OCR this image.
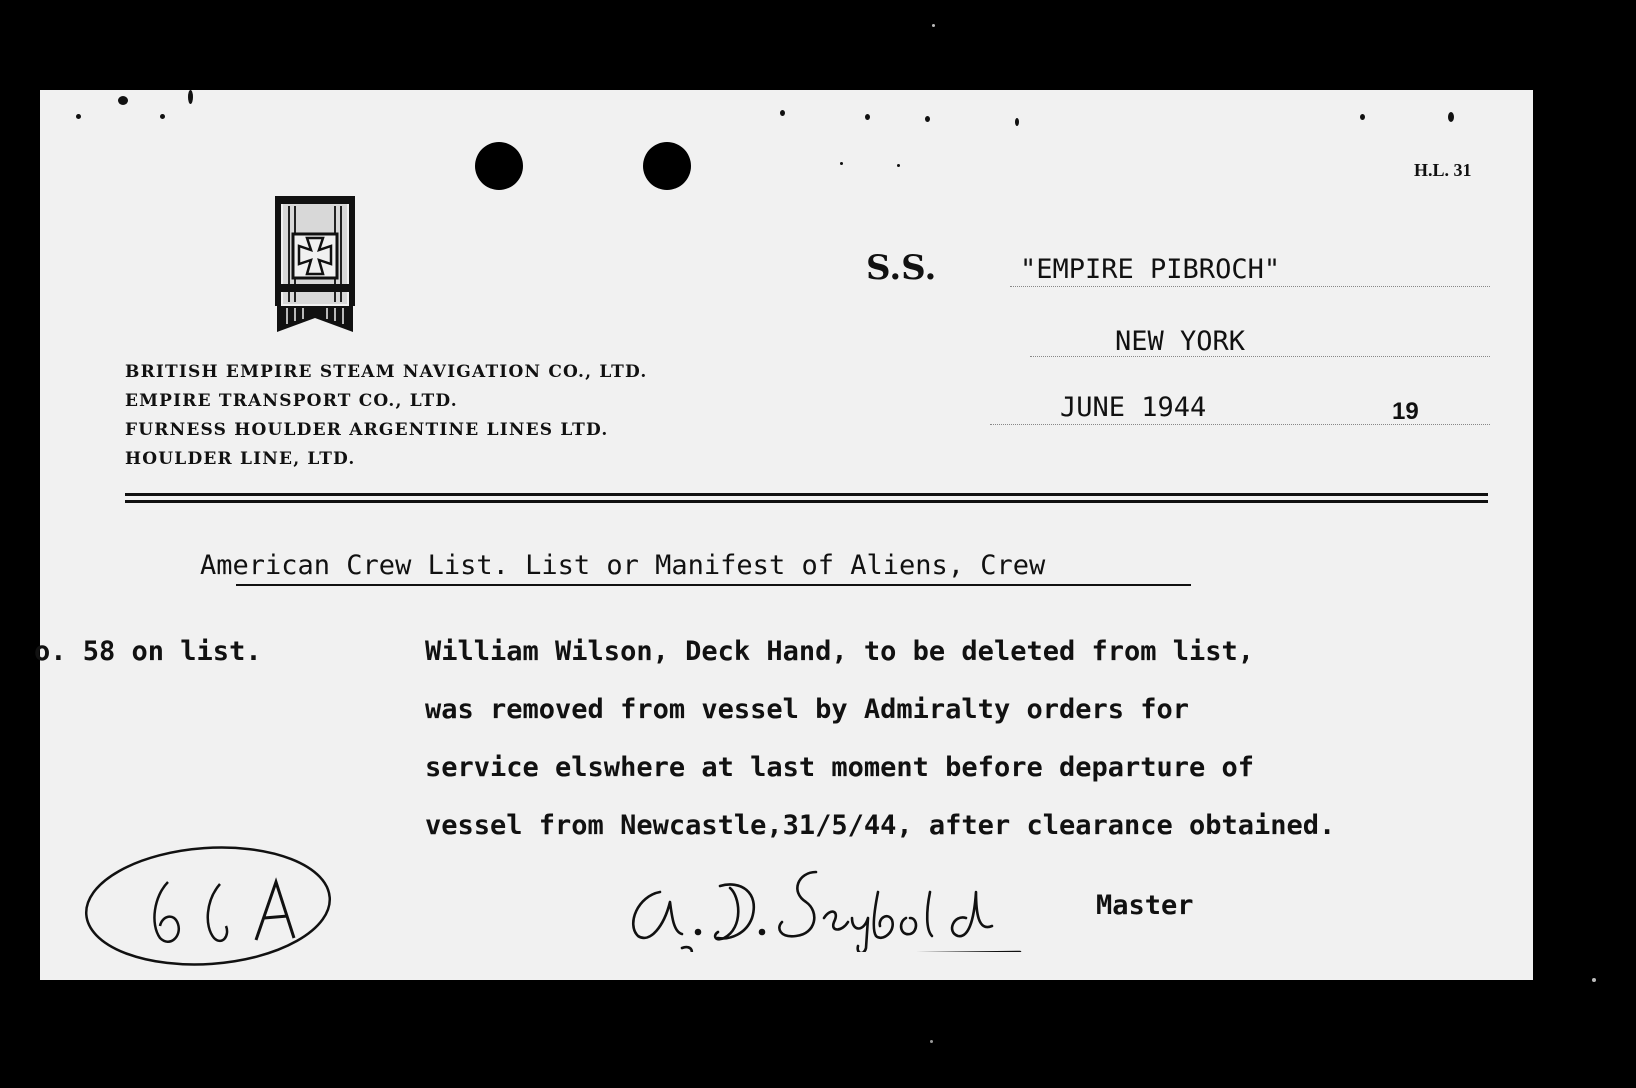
H.L. 31
BRITISH EMPIRE STEAM NAVIGATION CO., LTD.
EMPIRE TRANSPORT CO., LTD.
FURNESS HOULDER ARGENTINE LINES LTD.
HOULDER LINE, LTD.
S.S.	"EMPIRE PIBROCH"
NEW YORK
JUNE 1944	19
American Crew List. List or Manifest of Aliens, Crew
o. 58 on list.	William Wilson, Deck Hand, to be deleted from list,
was removed from vessel by Admiralty orders for
service elswhere at last moment before departure of
vessel from Newcastle,31/5/44, after clearance obtained.
Master
